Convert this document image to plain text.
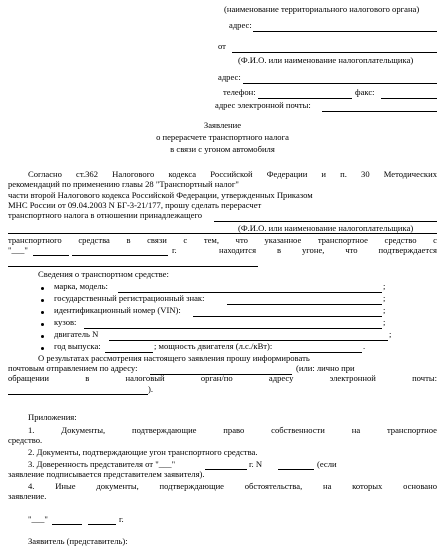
(наименование территориального налогового органа)
адрес:
от
(Ф.И.О. или наименование налогоплательщика)
адрес:
телефон:	факс:
адрес электронной почты:
Заявление
о перерасчете транспортного налога
в связи с угоном автомобиля
Согласно ст.362 Налогового кодекса Российской Федерации и п. 30 Методических
рекомендаций по применению главы 28 "Транспортный налог"
части второй Налогового кодекса Российской Федерации, утвержденных Приказом
МНС России от 09.04.2003 N БГ-3-21/177, прошу сделать перерасчет
транспортного налога в отношении принадлежащего
(Ф.И.О. или наименование налогоплательщика)
транспортного средства в связи с тем, что указанное транспортное средство с
"___"	г.	находится в угоне, что подтверждается
Сведения о транспортном средстве:
марка, модель:	;
государственный регистрационный знак:	;
идентификационный номер (VIN):	;
кузов:	;
двигатель N	;
год выпуска:	; мощность двигателя (л.с./кВт):	.
О результатах рассмотрения настоящего заявления прошу информировать
почтовым отправлением по адресу:	(или: лично при
обращении в налоговый орган/по адресу электронной почты:
).
Приложения:
1. Документы, подтверждающие право собственности на транспортное
средство.
2. Документы, подтверждающие угон транспортного средства.
3. Доверенность представителя от "___"	г. N	(если
заявление подписывается представителем заявителя).
4. Иные документы, подтверждающие обстоятельства, на которых основано
заявление.
"___"	г.
Заявитель (представитель):
